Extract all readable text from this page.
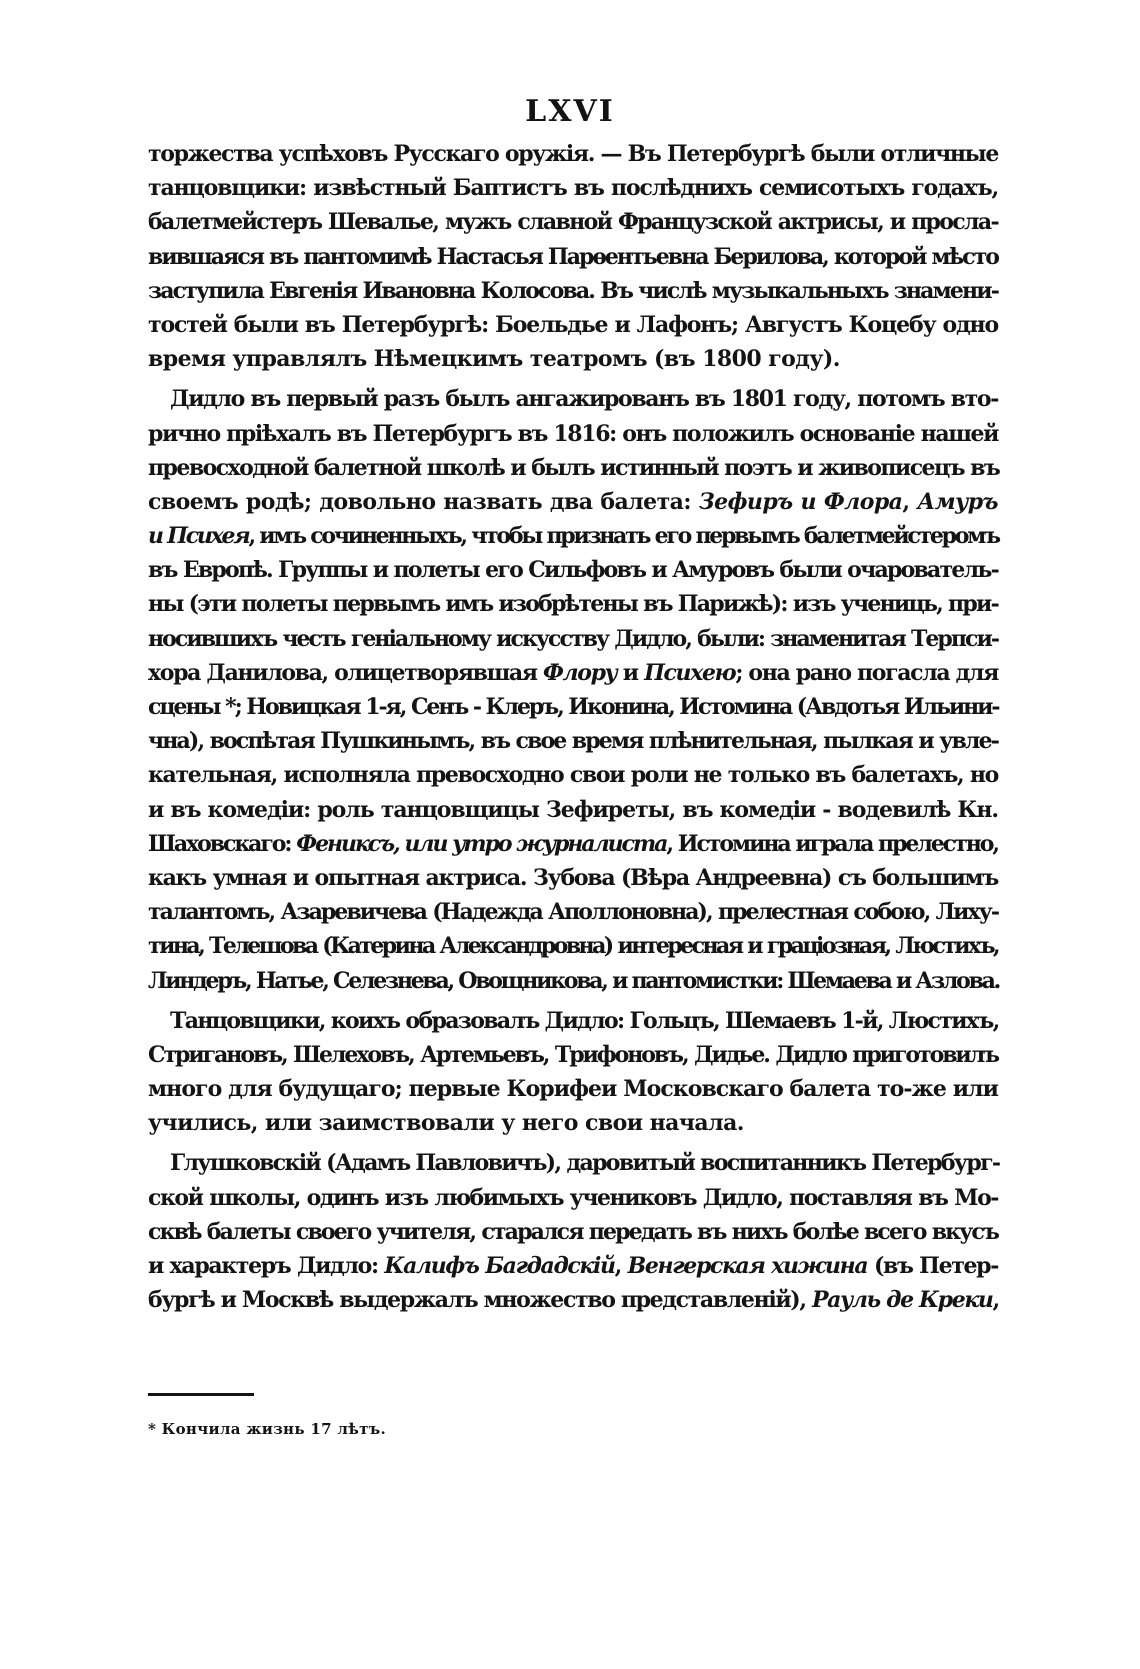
LXVI
торжества успѣховъ Русскаго оружія. — Въ Петербургѣ были отличные
танцовщики: извѣстный Баптистъ въ послѣднихъ семисотыхъ годахъ,
балетмейстеръ Шевалье, мужъ славной Французской актрисы, и просла-
вившаяся въ пантомимѣ Настасья Парѳентьевна Берилова, которой мѣсто
заступила Евгенія Ивановна Колосова. Въ числѣ музыкальныхъ знамени-
тостей были въ Петербургѣ: Боельдье и Лафонъ; Августъ Коцебу одно
время управлялъ Нѣмецкимъ театромъ (въ 1800 году).
Дидло въ первый разъ былъ ангажированъ въ 1801 году, потомъ вто-
рично пріѣхалъ въ Петербургъ въ 1816: онъ положилъ основаніе нашей
превосходной балетной школѣ и былъ истинный поэтъ и живописецъ въ
своемъ родѣ; довольно назвать два балета: Зефиръ и Флора, Амуръ
и Психея, имъ сочиненныхъ, чтобы признать его первымъ балетмейстеромъ
въ Европѣ. Группы и полеты его Сильфовъ и Амуровъ были очарователь-
ны (эти полеты первымъ имъ изобрѣтены въ Парижѣ): изъ учениць, при-
носившихъ честь геніальному искусству Дидло, были: знаменитая Терпси-
хора Данилова, олицетворявшая Флору и Психею; она рано погасла для
сцены *; Новицкая 1-я, Сенъ - Клеръ, Иконина, Истомина (Авдотья Ильини-
чна), воспѣтая Пушкинымъ, въ свое время плѣнительная, пылкая и увле-
кательная, исполняла превосходно свои роли не только въ балетахъ, но
и въ комедіи: роль танцовщицы Зефиреты, въ комедіи - водевилѣ Кн.
Шаховскаго: Фениксъ, или утро журналиста, Истомина играла прелестно,
какъ умная и опытная актриса. Зубова (Вѣра Андреевна) съ большимъ
талантомъ, Азаревичева (Надежда Аполлоновна), прелестная собою, Лиху-
тина, Телешова (Катерина Александровна) интересная и граціозная, Люстихъ,
Линдеръ, Натье, Селезнева, Овощникова, и пантомистки: Шемаева и Азлова.
Танцовщики, коихъ образовалъ Дидло: Гольцъ, Шемаевъ 1-й, Люстихъ,
Стригановъ, Шелеховъ, Артемьевъ, Трифоновъ, Дидье. Дидло приготовилъ
много для будущаго; первые Корифеи Московскаго балета то-же или
учились, или заимствовали у него свои начала.
Глушковскій (Адамъ Павловичъ), даровитый воспитанникъ Петербург-
ской школы, одинъ изъ любимыхъ учениковъ Дидло, поставляя въ Мо-
сквѣ балеты своего учителя, старался передать въ нихъ болѣе всего вкусъ
и характеръ Дидло: Калифъ Багдадскій, Венгерская хижина (въ Петер-
бургѣ и Москвѣ выдержалъ множество представленій), Рауль де Креки,
* Кончила жизнь 17 лѣтъ.
